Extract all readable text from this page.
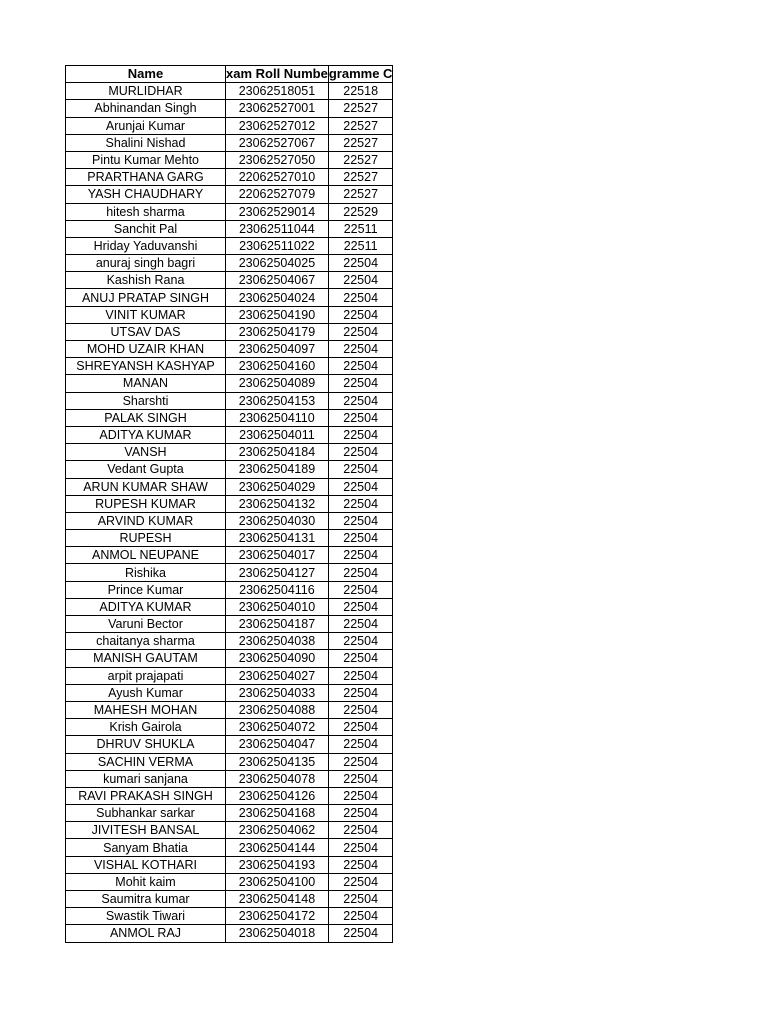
Name	xam Roll Numbe	gramme C
MURLIDHAR	23062518051	22518
Abhinandan Singh	23062527001	22527
Arunjai Kumar	23062527012	22527
Shalini Nishad	23062527067	22527
Pintu Kumar Mehto	23062527050	22527
PRARTHANA GARG	22062527010	22527
YASH CHAUDHARY	22062527079	22527
hitesh sharma	23062529014	22529
Sanchit Pal	23062511044	22511
Hriday Yaduvanshi	23062511022	22511
anuraj singh bagri	23062504025	22504
Kashish Rana	23062504067	22504
ANUJ PRATAP SINGH	23062504024	22504
VINIT KUMAR	23062504190	22504
UTSAV DAS	23062504179	22504
MOHD UZAIR KHAN	23062504097	22504
SHREYANSH KASHYAP	23062504160	22504
MANAN	23062504089	22504
Sharshti	23062504153	22504
PALAK SINGH	23062504110	22504
ADITYA KUMAR	23062504011	22504
VANSH	23062504184	22504
Vedant Gupta	23062504189	22504
ARUN KUMAR SHAW	23062504029	22504
RUPESH KUMAR	23062504132	22504
ARVIND KUMAR	23062504030	22504
RUPESH	23062504131	22504
ANMOL NEUPANE	23062504017	22504
Rishika	23062504127	22504
Prince Kumar	23062504116	22504
ADITYA KUMAR	23062504010	22504
Varuni Bector	23062504187	22504
chaitanya sharma	23062504038	22504
MANISH GAUTAM	23062504090	22504
arpit prajapati	23062504027	22504
Ayush Kumar	23062504033	22504
MAHESH MOHAN	23062504088	22504
Krish Gairola	23062504072	22504
DHRUV SHUKLA	23062504047	22504
SACHIN VERMA	23062504135	22504
kumari sanjana	23062504078	22504
RAVI PRAKASH SINGH	23062504126	22504
Subhankar sarkar	23062504168	22504
JIVITESH BANSAL	23062504062	22504
Sanyam Bhatia	23062504144	22504
VISHAL KOTHARI	23062504193	22504
Mohit kaim	23062504100	22504
Saumitra kumar	23062504148	22504
Swastik Tiwari	23062504172	22504
ANMOL RAJ	23062504018	22504
